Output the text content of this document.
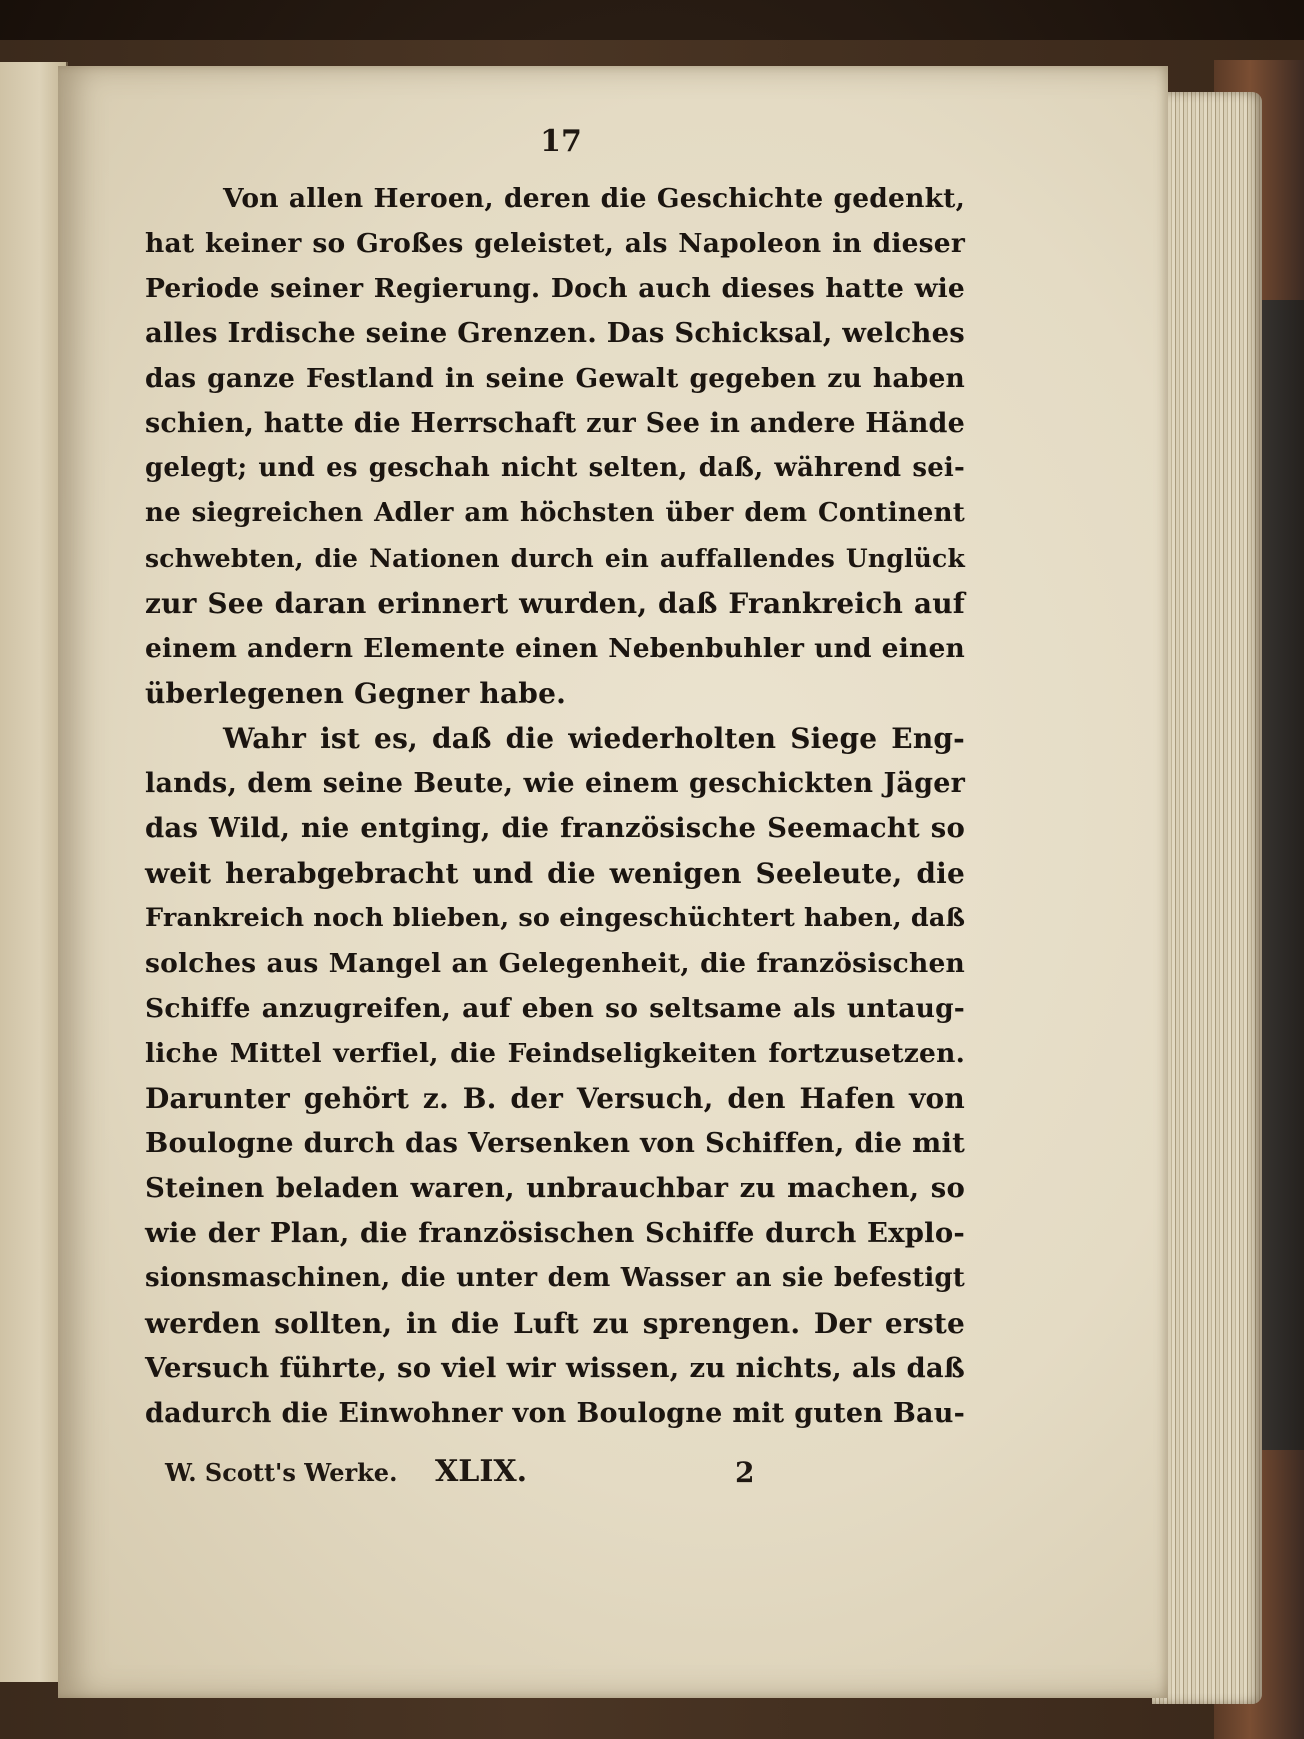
17
Von allen Heroen, deren die Geschichte gedenkt,
hat keiner so Großes geleistet, als Napoleon in dieser
Periode seiner Regierung. Doch auch dieses hatte wie
alles Irdische seine Grenzen. Das Schicksal, welches
das ganze Festland in seine Gewalt gegeben zu haben
schien, hatte die Herrschaft zur See in andere Hände
gelegt; und es geschah nicht selten, daß, während sei-
ne siegreichen Adler am höchsten über dem Continent
schwebten, die Nationen durch ein auffallendes Unglück
zur See daran erinnert wurden, daß Frankreich auf
einem andern Elemente einen Nebenbuhler und einen
überlegenen Gegner habe.
Wahr ist es, daß die wiederholten Siege Eng-
lands, dem seine Beute, wie einem geschickten Jäger
das Wild, nie entging, die französische Seemacht so
weit herabgebracht und die wenigen Seeleute, die
Frankreich noch blieben, so eingeschüchtert haben, daß
solches aus Mangel an Gelegenheit, die französischen
Schiffe anzugreifen, auf eben so seltsame als untaug-
liche Mittel verfiel, die Feindseligkeiten fortzusetzen.
Darunter gehört z. B. der Versuch, den Hafen von
Boulogne durch das Versenken von Schiffen, die mit
Steinen beladen waren, unbrauchbar zu machen, so
wie der Plan, die französischen Schiffe durch Explo-
sionsmaschinen, die unter dem Wasser an sie befestigt
werden sollten, in die Luft zu sprengen. Der erste
Versuch führte, so viel wir wissen, zu nichts, als daß
dadurch die Einwohner von Boulogne mit guten Bau-
W. Scott's Werke. XLIX.	2
